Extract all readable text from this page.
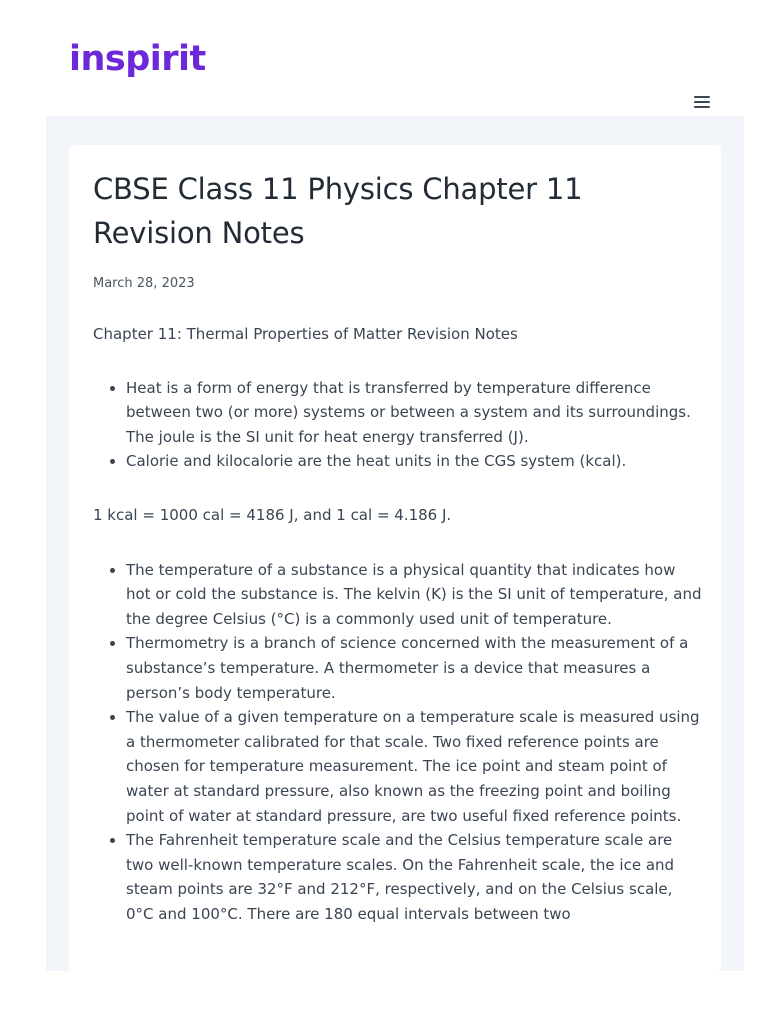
inspirit
CBSE Class 11 Physics Chapter 11 Revision Notes
March 28, 2023

Chapter 11: Thermal Properties of Matter Revision Notes

• Heat is a form of energy that is transferred by temperature difference between two (or more) systems or between a system and its surroundings. The joule is the SI unit for heat energy transferred (J).
• Calorie and kilocalorie are the heat units in the CGS system (kcal).

1 kcal = 1000 cal = 4186 J, and 1 cal = 4.186 J.

• The temperature of a substance is a physical quantity that indicates how hot or cold the substance is. The kelvin (K) is the SI unit of temperature, and the degree Celsius (°C) is a commonly used unit of temperature.
• Thermometry is a branch of science concerned with the measurement of a substance’s temperature. A thermometer is a device that measures a person’s body temperature.
• The value of a given temperature on a temperature scale is measured using a thermometer calibrated for that scale. Two fixed reference points are chosen for temperature measurement. The ice point and steam point of water at standard pressure, also known as the freezing point and boiling point of water at standard pressure, are two useful fixed reference points.
• The Fahrenheit temperature scale and the Celsius temperature scale are two well-known temperature scales. On the Fahrenheit scale, the ice and steam points are 32°F and 212°F, respectively, and on the Celsius scale, 0°C and 100°C. There are 180 equal intervals between two
